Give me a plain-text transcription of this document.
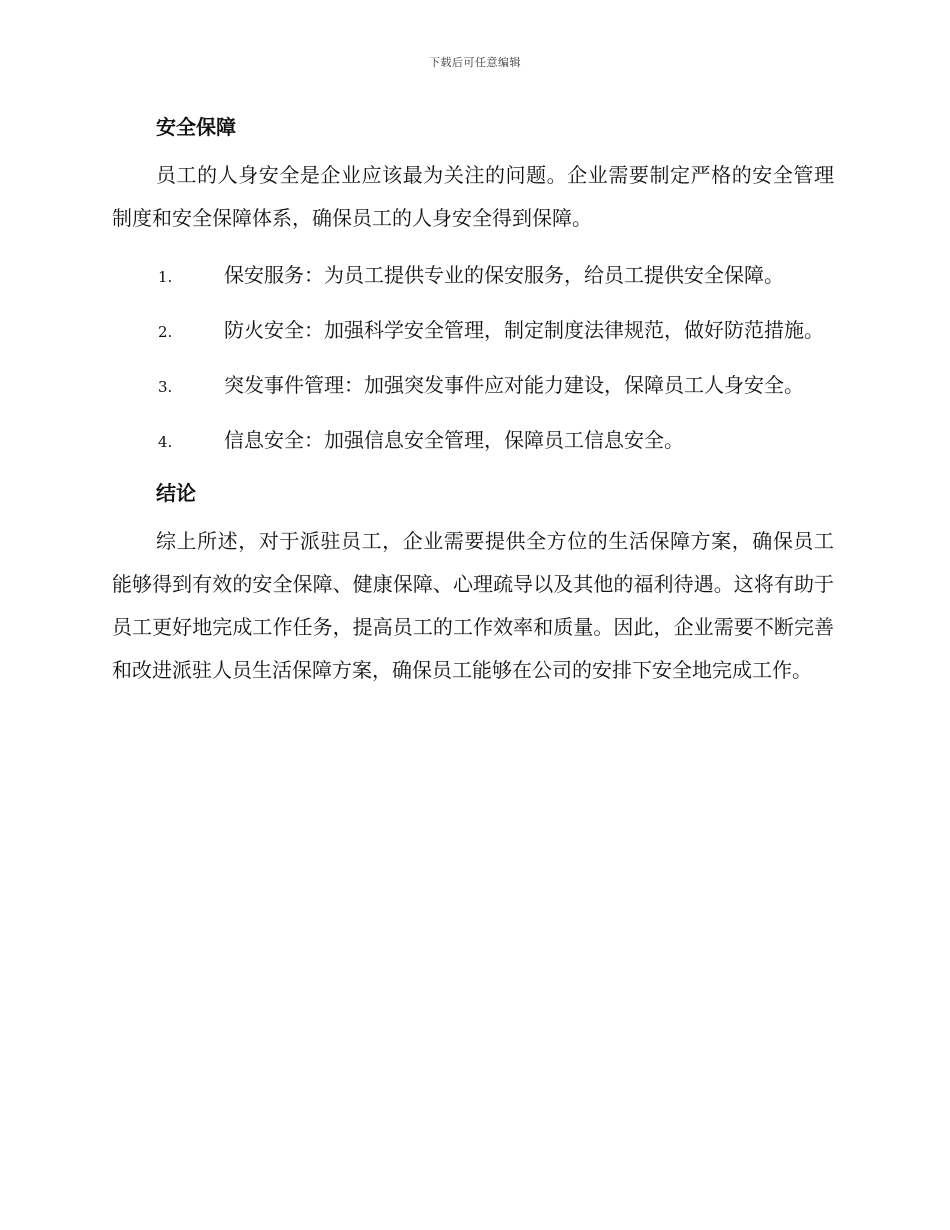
下载后可任意编辑
安全保障

员工的人身安全是企业应该最为关注的问题。企业需要制定严格的安全管理制度和安全保障体系，确保员工的人身安全得到保障。

1.	保安服务：为员工提供专业的保安服务，给员工提供安全保障。

2.	防火安全：加强科学安全管理，制定制度法律规范，做好防范措施。

3.	突发事件管理：加强突发事件应对能力建设，保障员工人身安全。

4.	信息安全：加强信息安全管理，保障员工信息安全。

结论

综上所述，对于派驻员工，企业需要提供全方位的生活保障方案，确保员工能够得到有效的安全保障、健康保障、心理疏导以及其他的福利待遇。这将有助于员工更好地完成工作任务，提高员工的工作效率和质量。因此，企业需要不断完善和改进派驻人员生活保障方案，确保员工能够在公司的安排下安全地完成工作。
